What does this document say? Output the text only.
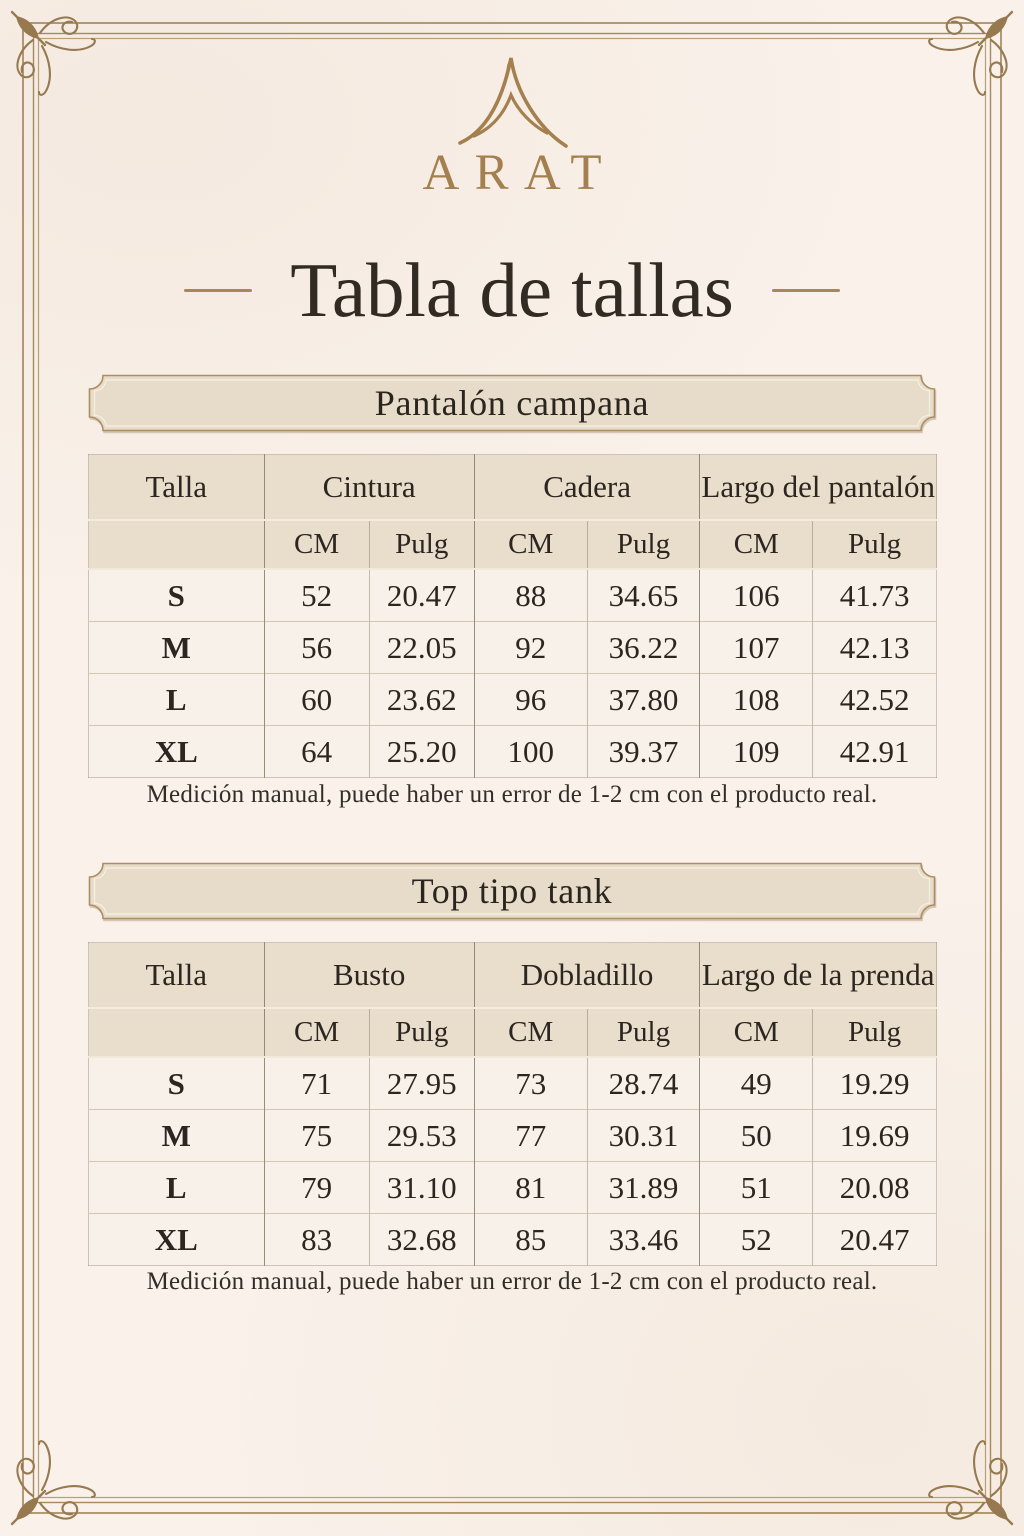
ARAT
Tabla de tallas
Pantalón campana
Talla	Cintura		Cadera		Largo del pantalón	
	CM	Pulg	CM	Pulg	CM	Pulg
S	52	20.47	88	34.65	106	41.73
M	56	22.05	92	36.22	107	42.13
L	60	23.62	96	37.80	108	42.52
XL	64	25.20	100	39.37	109	42.91
Medición manual, puede haber un error de 1-2 cm con el producto real.
Top tipo tank
Talla	Busto		Dobladillo		Largo de la prenda	
	CM	Pulg	CM	Pulg	CM	Pulg
S	71	27.95	73	28.74	49	19.29
M	75	29.53	77	30.31	50	19.69
L	79	31.10	81	31.89	51	20.08
XL	83	32.68	85	33.46	52	20.47
Medición manual, puede haber un error de 1-2 cm con el producto real.
